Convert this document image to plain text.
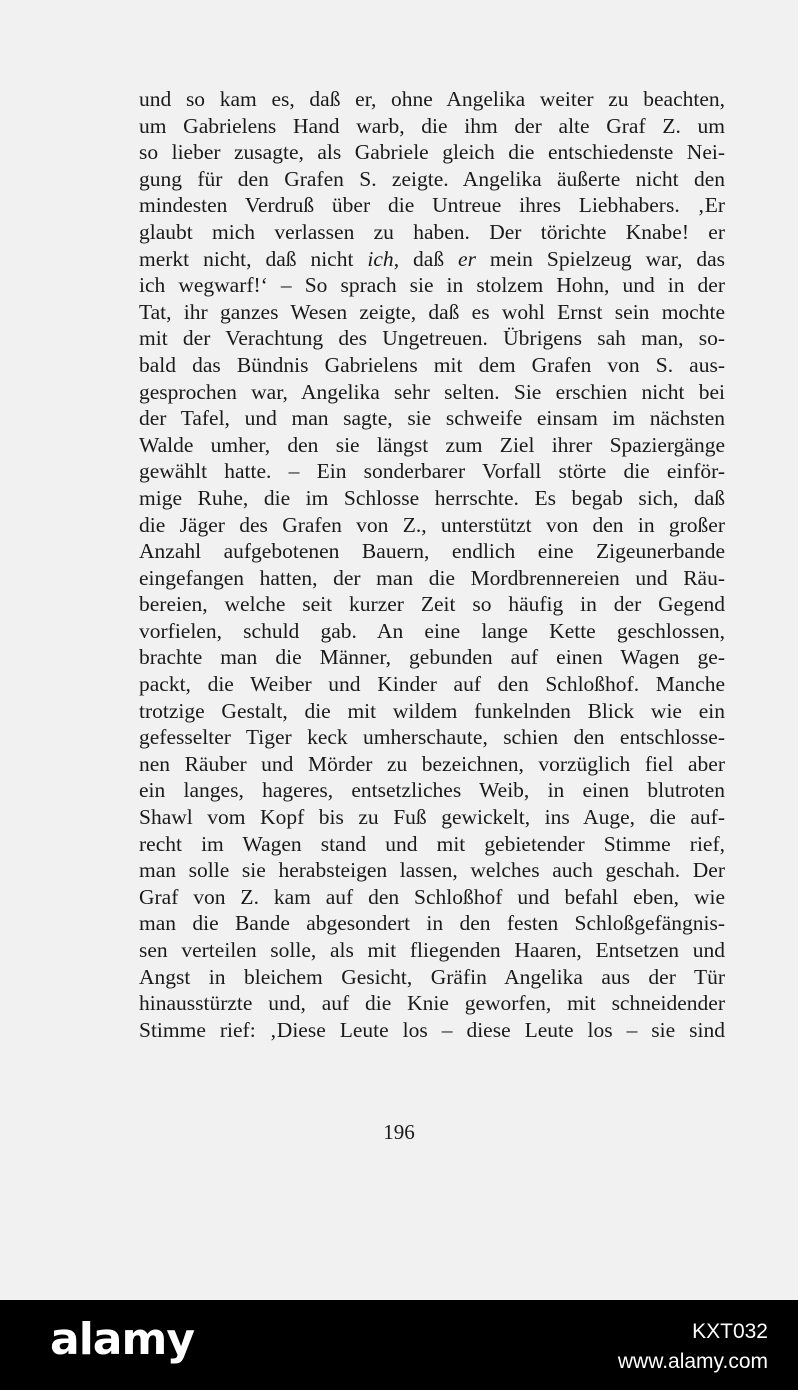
und so kam es, daß er, ohne Angelika weiter zu beachten,
um Gabrielens Hand warb, die ihm der alte Graf Z. um
so lieber zusagte, als Gabriele gleich die entschiedenste Nei-
gung für den Grafen S. zeigte. Angelika äußerte nicht den
mindesten Verdruß über die Untreue ihres Liebhabers. ‚Er
glaubt mich verlassen zu haben. Der törichte Knabe! er
merkt nicht, daß nicht ich, daß er mein Spielzeug war, das
ich wegwarf!‘ – So sprach sie in stolzem Hohn, und in der
Tat, ihr ganzes Wesen zeigte, daß es wohl Ernst sein mochte
mit der Verachtung des Ungetreuen. Übrigens sah man, so-
bald das Bündnis Gabrielens mit dem Grafen von S. aus-
gesprochen war, Angelika sehr selten. Sie erschien nicht bei
der Tafel, und man sagte, sie schweife einsam im nächsten
Walde umher, den sie längst zum Ziel ihrer Spaziergänge
gewählt hatte. – Ein sonderbarer Vorfall störte die einför-
mige Ruhe, die im Schlosse herrschte. Es begab sich, daß
die Jäger des Grafen von Z., unterstützt von den in großer
Anzahl aufgebotenen Bauern, endlich eine Zigeunerbande
eingefangen hatten, der man die Mordbrennereien und Räu-
bereien, welche seit kurzer Zeit so häufig in der Gegend
vorfielen, schuld gab. An eine lange Kette geschlossen,
brachte man die Männer, gebunden auf einen Wagen ge-
packt, die Weiber und Kinder auf den Schloßhof. Manche
trotzige Gestalt, die mit wildem funkelnden Blick wie ein
gefesselter Tiger keck umherschaute, schien den entschlosse-
nen Räuber und Mörder zu bezeichnen, vorzüglich fiel aber
ein langes, hageres, entsetzliches Weib, in einen blutroten
Shawl vom Kopf bis zu Fuß gewickelt, ins Auge, die auf-
recht im Wagen stand und mit gebietender Stimme rief,
man solle sie herabsteigen lassen, welches auch geschah. Der
Graf von Z. kam auf den Schloßhof und befahl eben, wie
man die Bande abgesondert in den festen Schloßgefängnis-
sen verteilen solle, als mit fliegenden Haaren, Entsetzen und
Angst in bleichem Gesicht, Gräfin Angelika aus der Tür
hinausstürzte und, auf die Knie geworfen, mit schneidender
Stimme rief: ‚Diese Leute los – diese Leute los – sie sind
196
alamy	KXT032
www.alamy.com
